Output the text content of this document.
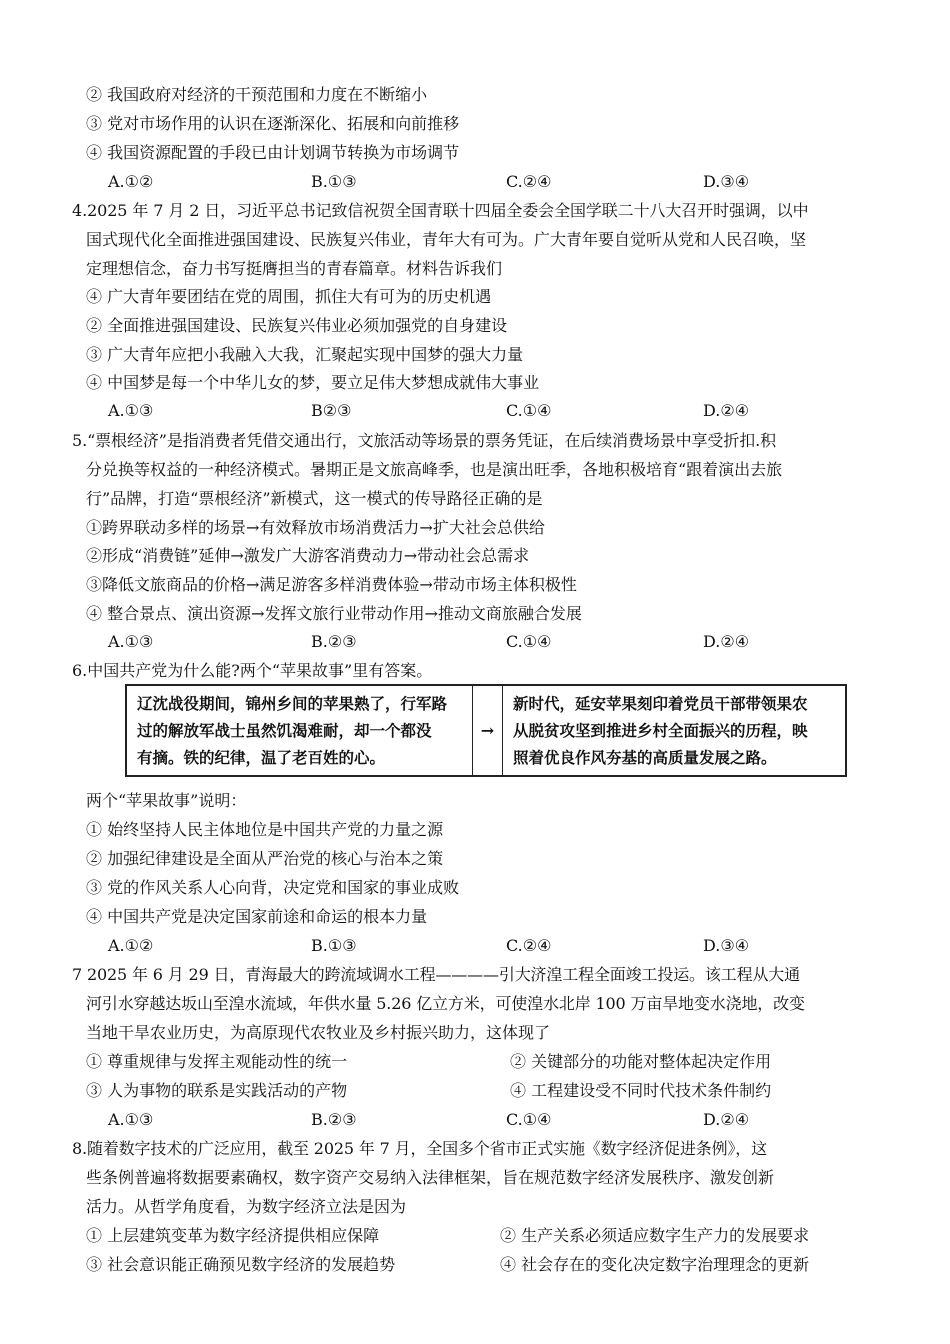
② 我国政府对经济的干预范围和力度在不断缩小
③ 党对市场作用的认识在逐渐深化、拓展和向前推移
④ 我国资源配置的手段已由计划调节转换为市场调节
A.①②	B.①③	C.②④	D.③④
4.2025 年 7 月 2 日，习近平总书记致信祝贺全国青联十四届全委会全国学联二十八大召开时强调，以中
国式现代化全面推进强国建设、民族复兴伟业，青年大有可为。广大青年要自觉听从党和人民召唤，坚
定理想信念，奋力书写挺膺担当的青春篇章。材料告诉我们
④ 广大青年要团结在党的周围，抓住大有可为的历史机遇
② 全面推进强国建设、民族复兴伟业必须加强党的自身建设
③ 广大青年应把小我融入大我，汇聚起实现中国梦的强大力量
④ 中国梦是每一个中华儿女的梦，要立足伟大梦想成就伟大事业
A.①③	B②③	C.①④	D.②④
5.“票根经济”是指消费者凭借交通出行，文旅活动等场景的票务凭证，在后续消费场景中享受折扣.积
分兑换等权益的一种经济模式。暑期正是文旅高峰季，也是演出旺季，各地积极培育“跟着演出去旅
行”品牌，打造“票根经济”新模式，这一模式的传导路径正确的是
①跨界联动多样的场景→有效释放市场消费活力→扩大社会总供给
②形成“消费链”延伸→激发广大游客消费动力→带动社会总需求
③降低文旅商品的价格→满足游客多样消费体验→带动市场主体积极性
④ 整合景点、演出资源→发挥文旅行业带动作用→推动文商旅融合发展
A.①③	B.②③	C.①④	D.②④
6.中国共产党为什么能?两个“苹果故事”里有答案。
辽沈战役期间，锦州乡间的苹果熟了，行军路
过的解放军战士虽然饥渴难耐，却一个都没
有摘。铁的纪律，温了老百姓的心。
→
新时代，延安苹果刻印着党员干部带领果农
从脱贫攻坚到推进乡村全面振兴的历程，映
照着优良作风夯基的高质量发展之路。
两个“苹果故事”说明：
① 始终坚持人民主体地位是中国共产党的力量之源
② 加强纪律建设是全面从严治党的核心与治本之策
③ 党的作风关系人心向背，决定党和国家的事业成败
④ 中国共产党是决定国家前途和命运的根本力量
A.①②	B.①③	C.②④	D.③④
7 2025 年 6 月 29 日，青海最大的跨流域调水工程————引大济湟工程全面竣工投运。该工程从大通
河引水穿越达坂山至湟水流域，年供水量 5.26 亿立方米，可使湟水北岸 100 万亩旱地变水浇地，改变
当地干旱农业历史，为高原现代农牧业及乡村振兴助力，这体现了
① 尊重规律与发挥主观能动性的统一	② 关键部分的功能对整体起决定作用
③ 人为事物的联系是实践活动的产物	④ 工程建设受不同时代技术条件制约
A.①③	B.②③	C.①④	D.②④
8.随着数字技术的广泛应用，截至 2025 年 7 月，全国多个省市正式实施《数字经济促进条例》，这
些条例普遍将数据要素确权，数字资产交易纳入法律框架，旨在规范数字经济发展秩序、激发创新
活力。从哲学角度看，为数字经济立法是因为
① 上层建筑变革为数字经济提供相应保障	② 生产关系必须适应数字生产力的发展要求
③ 社会意识能正确预见数字经济的发展趋势	④ 社会存在的变化决定数字治理理念的更新
